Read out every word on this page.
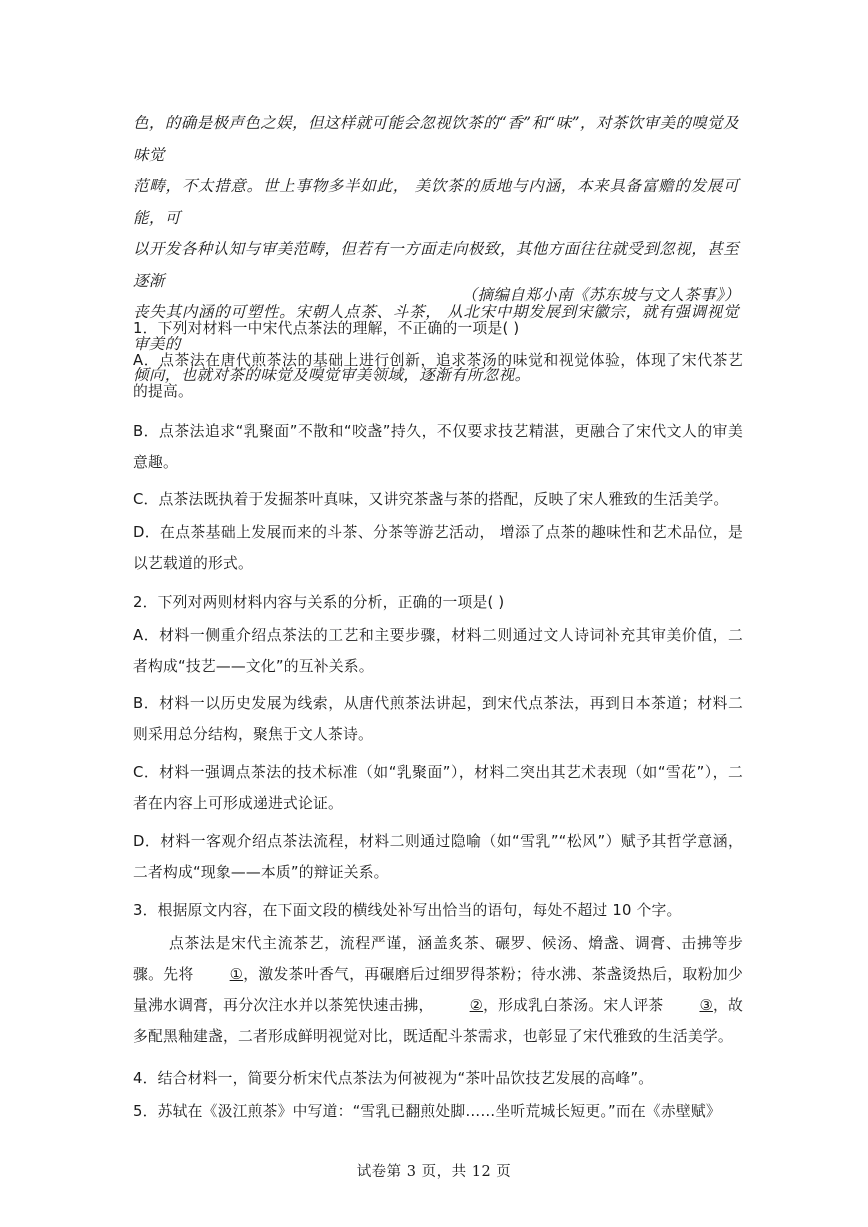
色，的确是极声色之娱，但这样就可能会忽视饮茶的“香”和“味”，对茶饮审美的嗅觉及味觉

范畴，不太措意。世上事物多半如此， 美饮茶的质地与内涵，本来具备富赡的发展可能，可

以开发各种认知与审美范畴，但若有一方面走向极致，其他方面往往就受到忽视，甚至逐渐

丧失其内涵的可塑性。宋朝人点茶、斗茶， 从北宋中期发展到宋徽宗，就有强调视觉审美的

倾向，也就对茶的味觉及嗅觉审美领域，逐渐有所忽视。

（摘编自郑小南《苏东坡与文人茶事》）

1．下列对材料一中宋代点茶法的理解，不正确的一项是( )

A．点茶法在唐代煎茶法的基础上进行创新，追求茶汤的味觉和视觉体验，体现了宋代茶艺的提高。

B．点茶法追求“乳聚面”不散和“咬盏”持久，不仅要求技艺精湛，更融合了宋代文人的审美意趣。

C．点茶法既执着于发掘茶叶真味，又讲究茶盏与茶的搭配，反映了宋人雅致的生活美学。

D．在点茶基础上发展而来的斗茶、分茶等游艺活动， 增添了点茶的趣味性和艺术品位，是以艺载道的形式。

2．下列对两则材料内容与关系的分析，正确的一项是( )

A．材料一侧重介绍点茶法的工艺和主要步骤，材料二则通过文人诗词补充其审美价值，二者构成“技艺——文化”的互补关系。

B．材料一以历史发展为线索，从唐代煎茶法讲起，到宋代点茶法，再到日本茶道；材料二则采用总分结构，聚焦于文人茶诗。

C．材料一强调点茶法的技术标准（如“乳聚面”），材料二突出其艺术表现（如“雪花”），二者在内容上可形成递进式论证。

D．材料一客观介绍点茶法流程，材料二则通过隐喻（如“雪乳”“松风”）赋予其哲学意涵，二者构成“现象——本质”的辩证关系。

3．根据原文内容，在下面文段的横线处补写出恰当的语句，每处不超过 10 个字。

点茶法是宋代主流茶艺，流程严谨，涵盖炙茶、碾罗、候汤、熁盏、调膏、击拂等步骤。先将 ①，激发茶叶香气，再碾磨后过细罗得茶粉；待水沸、茶盏烫热后，取粉加少量沸水调膏，再分次注水并以茶筅快速击拂， ②，形成乳白茶汤。宋人评茶 ③，故多配黑釉建盏，二者形成鲜明视觉对比，既适配斗茶需求，也彰显了宋代雅致的生活美学。

4．结合材料一，简要分析宋代点茶法为何被视为“茶叶品饮技艺发展的高峰”。

5．苏轼在《汲江煎茶》中写道：“雪乳已翻煎处脚……坐听荒城长短更。”而在《赤壁赋》

试卷第 3 页，共 12 页
